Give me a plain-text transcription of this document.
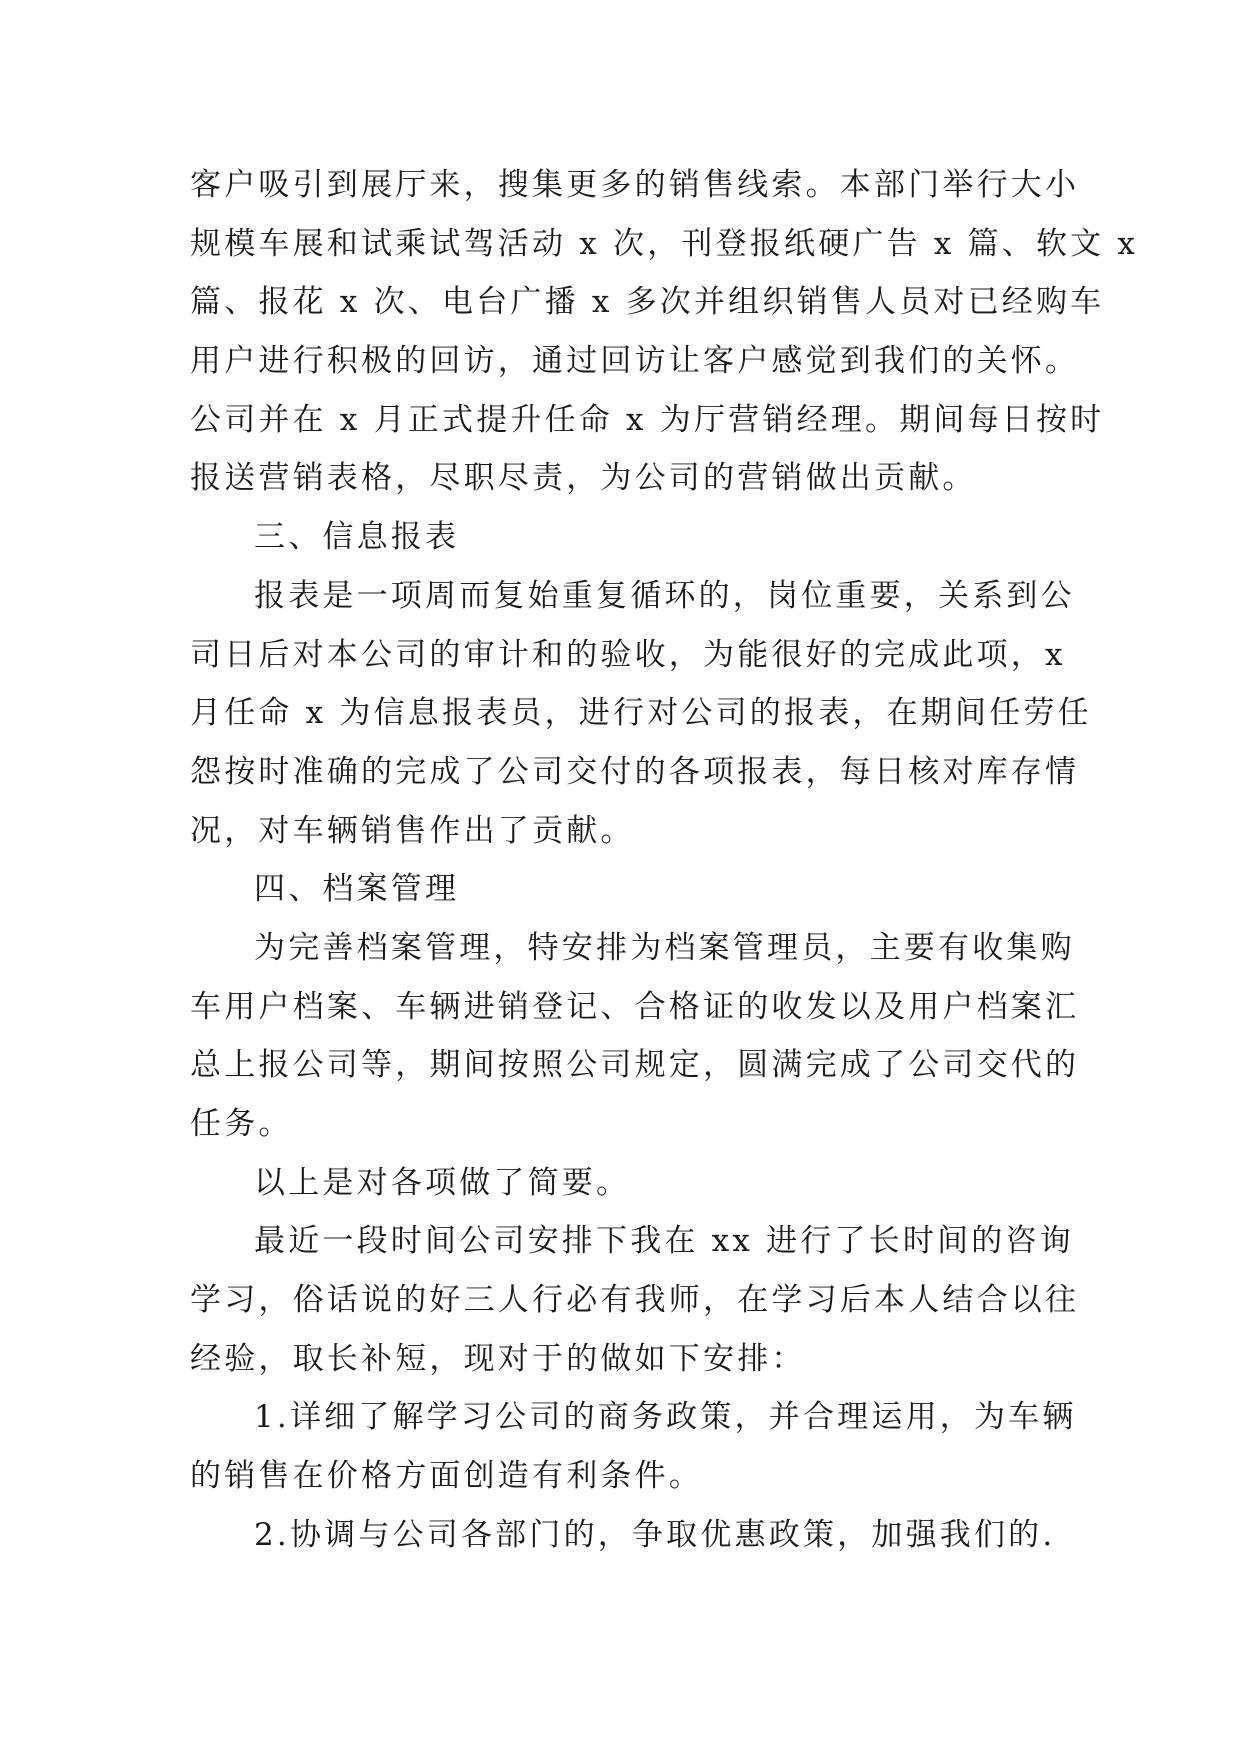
客户吸引到展厅来，搜集更多的销售线索。本部门举行大小
规模车展和试乘试驾活动 x 次，刊登报纸硬广告 x 篇、软文 x
篇、报花 x 次、电台广播 x 多次并组织销售人员对已经购车
用户进行积极的回访，通过回访让客户感觉到我们的关怀。
公司并在 x 月正式提升任命 x 为厅营销经理。期间每日按时
报送营销表格，尽职尽责，为公司的营销做出贡献。
三、信息报表
报表是一项周而复始重复循环的，岗位重要，关系到公
司日后对本公司的审计和的验收，为能很好的完成此项，x
月任命 x 为信息报表员，进行对公司的报表，在期间任劳任
怨按时准确的完成了公司交付的各项报表，每日核对库存情
况，对车辆销售作出了贡献。
四、档案管理
为完善档案管理，特安排为档案管理员，主要有收集购
车用户档案、车辆进销登记、合格证的收发以及用户档案汇
总上报公司等，期间按照公司规定，圆满完成了公司交代的
任务。
以上是对各项做了简要。
最近一段时间公司安排下我在 xx 进行了长时间的咨询
学习，俗话说的好三人行必有我师，在学习后本人结合以往
经验，取长补短，现对于的做如下安排：
1.详细了解学习公司的商务政策，并合理运用，为车辆
的销售在价格方面创造有利条件。
2.协调与公司各部门的，争取优惠政策，加强我们的.
